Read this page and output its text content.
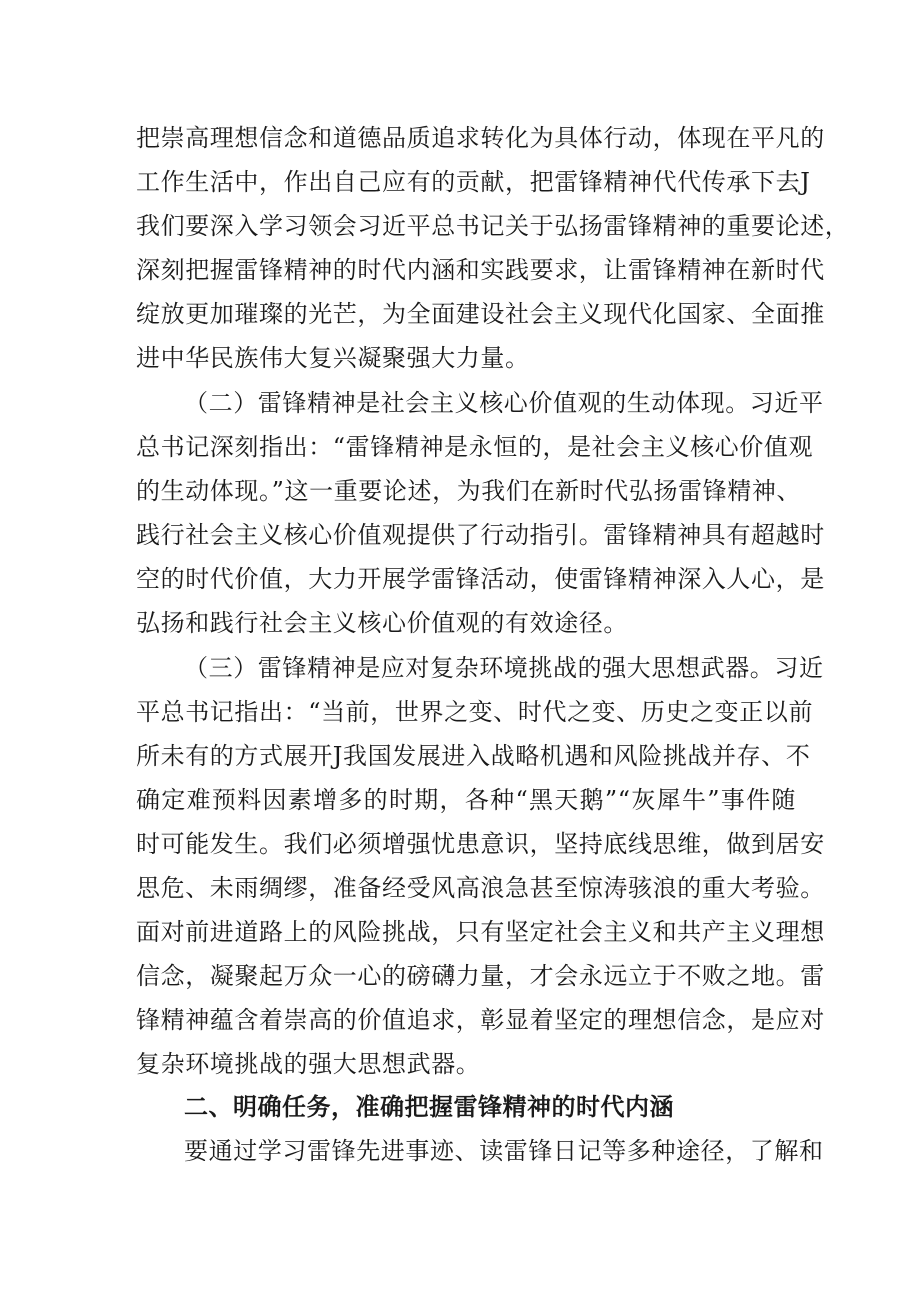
把崇高理想信念和道德品质追求转化为具体行动，体现在平凡的
工作生活中，作出自己应有的贡献，把雷锋精神代代传承下去J
我们要深入学习领会习近平总书记关于弘扬雷锋精神的重要论述，
深刻把握雷锋精神的时代内涵和实践要求，让雷锋精神在新时代
绽放更加璀璨的光芒，为全面建设社会主义现代化国家、全面推
进中华民族伟大复兴凝聚强大力量。
（二）雷锋精神是社会主义核心价值观的生动体现。习近平
总书记深刻指出：“雷锋精神是永恒的，是社会主义核心价值观
的生动体现。”这一重要论述，为我们在新时代弘扬雷锋精神、
践行社会主义核心价值观提供了行动指引。雷锋精神具有超越时
空的时代价值，大力开展学雷锋活动，使雷锋精神深入人心，是
弘扬和践行社会主义核心价值观的有效途径。
（三）雷锋精神是应对复杂环境挑战的强大思想武器。习近
平总书记指出：“当前，世界之变、时代之变、历史之变正以前
所未有的方式展开J我国发展进入战略机遇和风险挑战并存、不
确定难预料因素增多的时期，各种“黑天鹅”“灰犀牛”事件随
时可能发生。我们必须增强忧患意识，坚持底线思维，做到居安
思危、未雨绸缪，准备经受风高浪急甚至惊涛骇浪的重大考验。
面对前进道路上的风险挑战，只有坚定社会主义和共产主义理想
信念，凝聚起万众一心的磅礴力量，才会永远立于不败之地。雷
锋精神蕴含着崇高的价值追求，彰显着坚定的理想信念，是应对
复杂环境挑战的强大思想武器。
二、明确任务，准确把握雷锋精神的时代内涵
要通过学习雷锋先进事迹、读雷锋日记等多种途径，了解和
